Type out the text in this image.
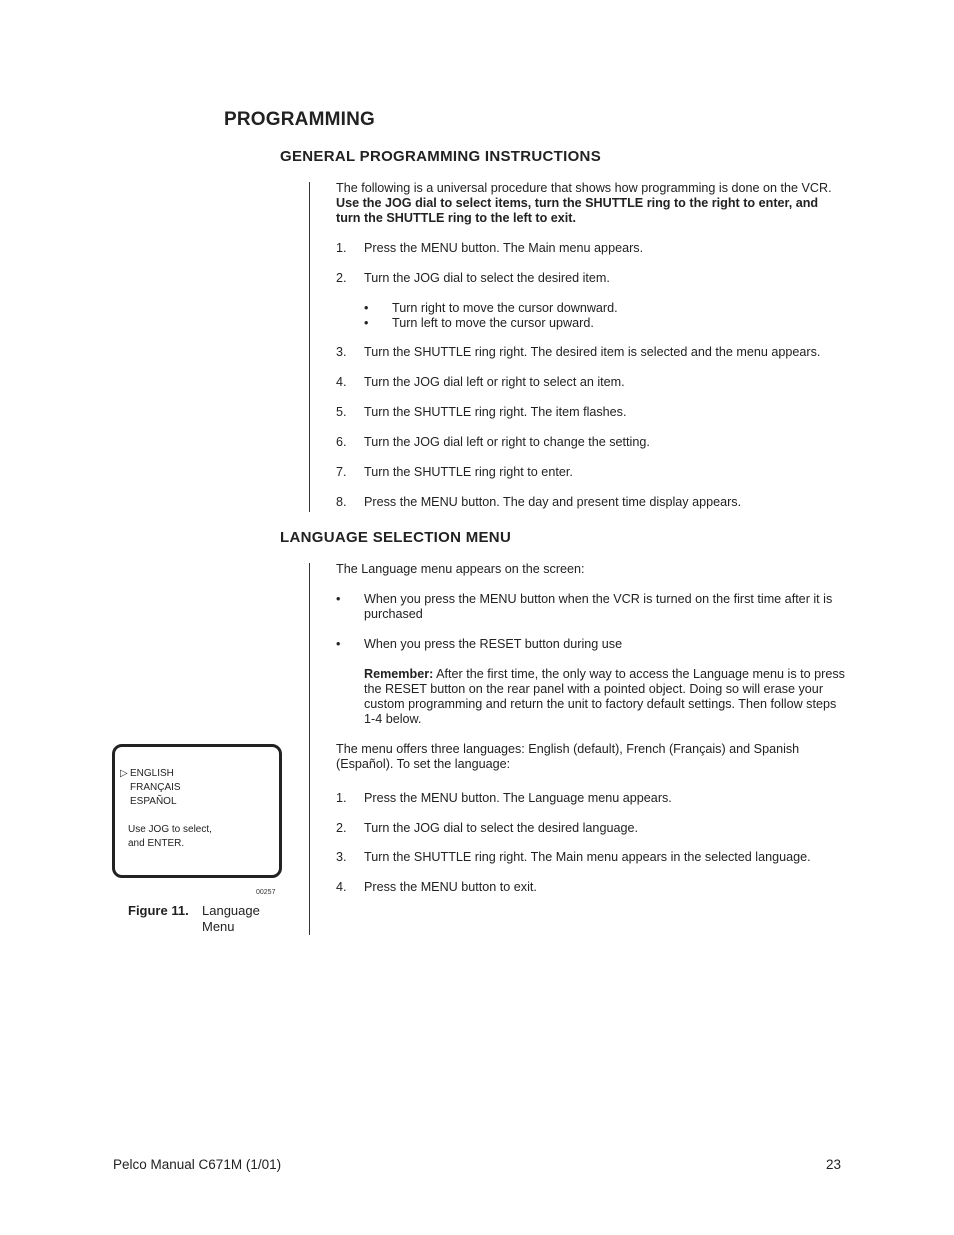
PROGRAMMING
GENERAL PROGRAMMING INSTRUCTIONS
The following is a universal procedure that shows how programming is done on the VCR.
Use the JOG dial to select items, turn the SHUTTLE ring to the right to enter, and
turn the SHUTTLE ring to the left to exit.
1. Press the MENU button. The Main menu appears.
2. Turn the JOG dial to select the desired item.
• Turn right to move the cursor downward.
• Turn left to move the cursor upward.
3. Turn the SHUTTLE ring right. The desired item is selected and the menu appears.
4. Turn the JOG dial left or right to select an item.
5. Turn the SHUTTLE ring right. The item flashes.
6. Turn the JOG dial left or right to change the setting.
7. Turn the SHUTTLE ring right to enter.
8. Press the MENU button. The day and present time display appears.
LANGUAGE SELECTION MENU
The Language menu appears on the screen:
• When you press the MENU button when the VCR is turned on the first time after it is
purchased
• When you press the RESET button during use
Remember: After the first time, the only way to access the Language menu is to press
the RESET button on the rear panel with a pointed object. Doing so will erase your
custom programming and return the unit to factory default settings. Then follow steps
1-4 below.
The menu offers three languages: English (default), French (Français) and Spanish
(Español). To set the language:
1. Press the MENU button. The Language menu appears.
2. Turn the JOG dial to select the desired language.
3. Turn the SHUTTLE ring right. The Main menu appears in the selected language.
4. Press the MENU button to exit.
▷ ENGLISH
FRANÇAIS
ESPAÑOL
Use JOG to select,
and ENTER.
00257
Figure 11. Language
Menu
Pelco Manual C671M (1/01)	23
